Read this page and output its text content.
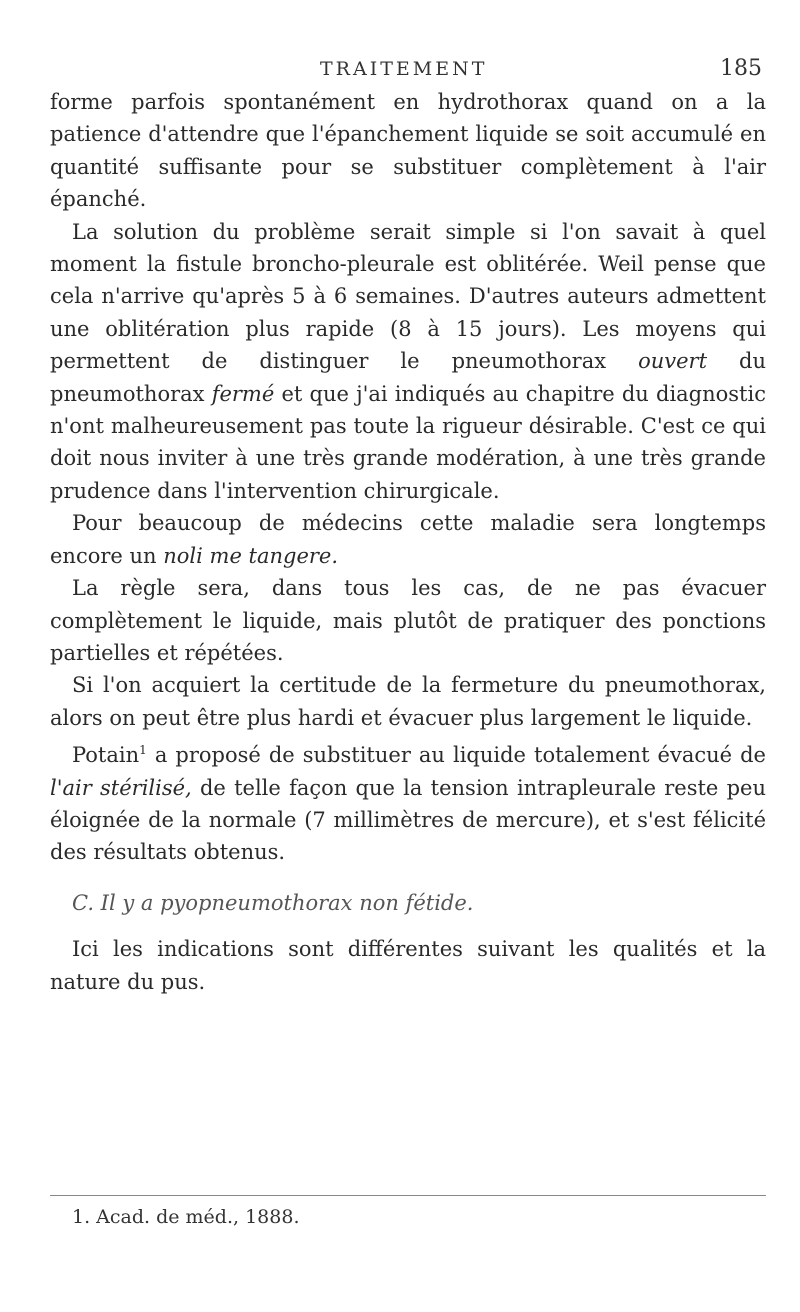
TRAITEMENT	185

forme parfois spontanément en hydrothorax quand on a la patience d'attendre que l'épanchement liquide se soit accumulé en quantité suffisante pour se substituer complètement à l'air épanché.

La solution du problème serait simple si l'on savait à quel moment la fistule broncho-pleurale est oblitérée. Weil pense que cela n'arrive qu'après 5 à 6 semaines. D'autres auteurs admettent une oblitération plus rapide (8 à 15 jours). Les moyens qui permettent de distinguer le pneumothorax ouvert du pneumothorax fermé et que j'ai indiqués au chapitre du diagnostic n'ont malheureusement pas toute la rigueur désirable. C'est ce qui doit nous inviter à une très grande modération, à une très grande prudence dans l'intervention chirurgicale.

Pour beaucoup de médecins cette maladie sera longtemps encore un noli me tangere.

La règle sera, dans tous les cas, de ne pas évacuer complètement le liquide, mais plutôt de pratiquer des ponctions partielles et répétées.

Si l'on acquiert la certitude de la fermeture du pneumothorax, alors on peut être plus hardi et évacuer plus largement le liquide.

Potain$^1$ a proposé de substituer au liquide totalement évacué de l'air stérilisé, de telle façon que la tension intrapleurale reste peu éloignée de la normale (7 millimètres de mercure), et s'est félicité des résultats obtenus.

C. Il y a pyopneumothorax non fétide.

Ici les indications sont différentes suivant les qualités et la nature du pus.

1. Acad. de méd., 1888.
